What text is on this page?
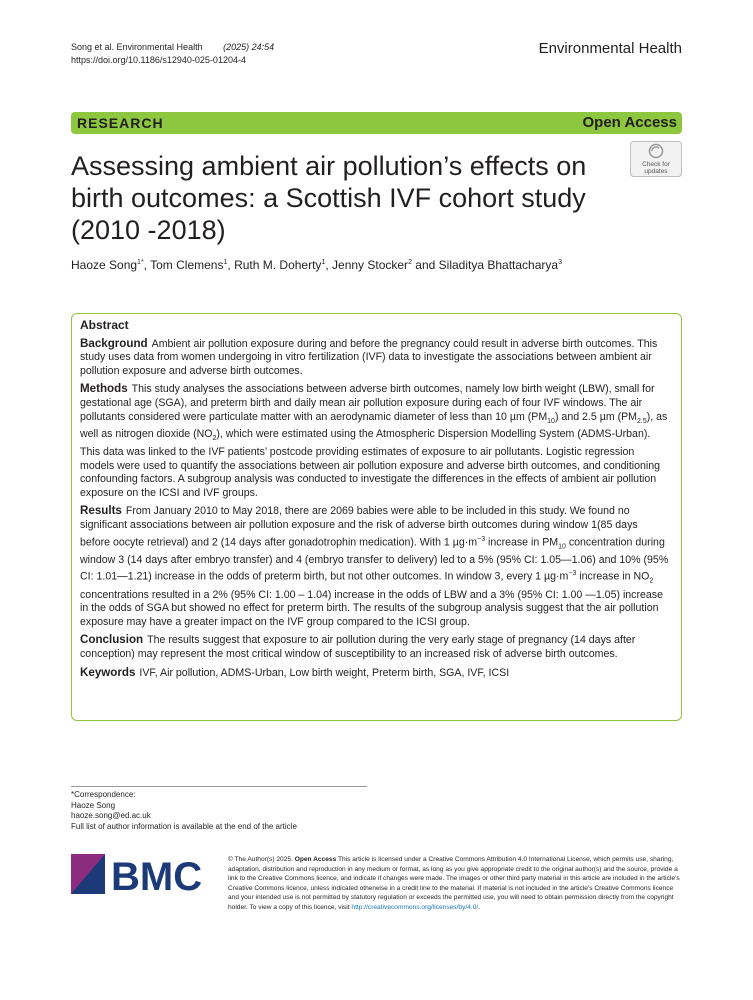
Song et al. Environmental Health (2025) 24:54
https://doi.org/10.1186/s12940-025-01204-4
Environmental Health
RESEARCH	Open Access
Assessing ambient air pollution’s effects on birth outcomes: a Scottish IVF cohort study (2010 -2018)
Check for
updates
Haoze Song$^{1*}$, Tom Clemens$^1$, Ruth M. Doherty$^1$, Jenny Stocker$^2$ and Siladitya Bhattacharya$^3$
Abstract

Background Ambient air pollution exposure during and before the pregnancy could result in adverse birth outcomes. This study uses data from women undergoing in vitro fertilization (IVF) data to investigate the associations between ambient air pollution exposure and adverse birth outcomes.

Methods This study analyses the associations between adverse birth outcomes, namely low birth weight (LBW), small for gestational age (SGA), and preterm birth and daily mean air pollution exposure during each of four IVF windows. The air pollutants considered were particulate matter with an aerodynamic diameter of less than 10 µm $(PM_{10})$ and 2.5 µm $(PM_{2.5})$, as well as nitrogen dioxide $(NO_2)$, which were estimated using the Atmospheric Dispersion Modelling System (ADMS-Urban). This data was linked to the IVF patients’ postcode providing estimates of exposure to air pollutants. Logistic regression models were used to quantify the associations between air pollution exposure and adverse birth outcomes, and conditioning confounding factors. A subgroup analysis was conducted to investigate the differences in the effects of ambient air pollution exposure on the ICSI and IVF groups.

Results From January 2010 to May 2018, there are 2069 babies were able to be included in this study. We found no significant associations between air pollution exposure and the risk of adverse birth outcomes during window 1(85 days before oocyte retrieval) and 2 (14 days after gonadotrophin medication). With 1 $\mu g\cdot m^{-3}$ increase in $PM_{10}$ concentration during window 3 (14 days after embryo transfer) and 4 (embryo transfer to delivery) led to a 5% (95% CI: 1.05—1.06) and 10% (95% CI: 1.01—1.21) increase in the odds of preterm birth, but not other outcomes. In window 3, every 1 $\mu g\cdot m^{-3}$ increase in $NO_2$ concentrations resulted in a 2% (95% CI: 1.00 – 1.04) increase in the odds of LBW and a 3% (95% CI: 1.00 —1.05) increase in the odds of SGA but showed no effect for preterm birth. The results of the subgroup analysis suggest that the air pollution exposure may have a greater impact on the IVF group compared to the ICSI group.

Conclusion The results suggest that exposure to air pollution during the very early stage of pregnancy (14 days after conception) may represent the most critical window of susceptibility to an increased risk of adverse birth outcomes.

Keywords IVF, Air pollution, ADMS-Urban, Low birth weight, Preterm birth, SGA, IVF, ICSI

*Correspondence:
Haoze Song
haoze.song@ed.ac.uk
Full list of author information is available at the end of the article
BMC	© The Author(s) 2025. Open Access This article is licensed under a Creative Commons Attribution 4.0 International License, which permits use, sharing, adaptation, distribution and reproduction in any medium or format, as long as you give appropriate credit to the original author(s) and the source, provide a link to the Creative Commons licence, and indicate if changes were made. The images or other third party material in this article are included in the article’s Creative Commons licence, unless indicated otherwise in a credit line to the material. If material is not included in the article’s Creative Commons licence and your intended use is not permitted by statutory regulation or exceeds the permitted use, you will need to obtain permission directly from the copyright holder. To view a copy of this licence, visit http://creativecommons.org/licenses/by/4.0/.
